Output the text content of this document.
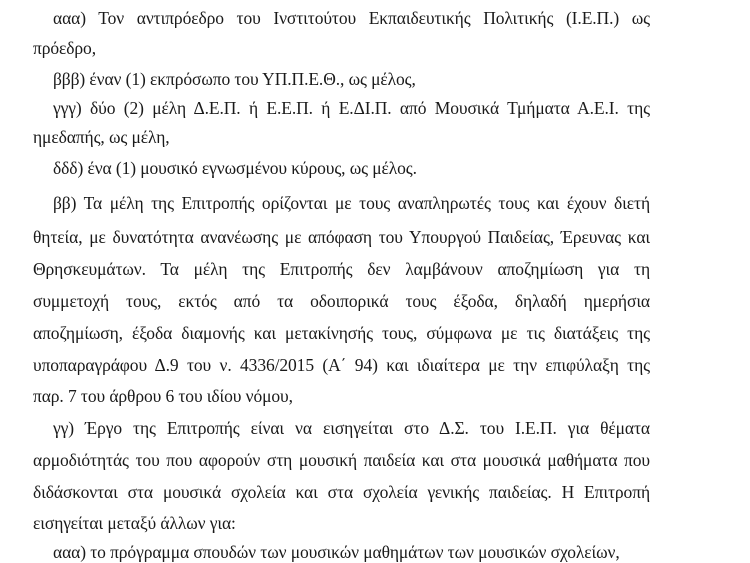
ααα) Τον αντιπρόεδρο του Ινστιτούτου Εκπαιδευτικής Πολιτικής (Ι.Ε.Π.) ως
πρόεδρο,
βββ) έναν (1) εκπρόσωπο του ΥΠ.Π.Ε.Θ., ως μέλος,
γγγ) δύο (2) μέλη Δ.Ε.Π. ή Ε.Ε.Π. ή Ε.ΔΙ.Π. από Μουσικά Τμήματα Α.Ε.Ι. της
ημεδαπής, ως μέλη,
δδδ) ένα (1) μουσικό εγνωσμένου κύρους, ως μέλος.
ββ) Τα μέλη της Επιτροπής ορίζονται με τους αναπληρωτές τους και έχουν διετή
θητεία, με δυνατότητα ανανέωσης με απόφαση του Υπουργού Παιδείας, Έρευνας και
Θρησκευμάτων. Τα μέλη της Επιτροπής δεν λαμβάνουν αποζημίωση για τη
συμμετοχή τους, εκτός από τα οδοιπορικά τους έξοδα, δηλαδή ημερήσια
αποζημίωση, έξοδα διαμονής και μετακίνησής τους, σύμφωνα με τις διατάξεις της
υποπαραγράφου Δ.9 του ν. 4336/2015 (Α΄ 94) και ιδιαίτερα με την επιφύλαξη της
παρ. 7 του άρθρου 6 του ιδίου νόμου,
γγ) Έργο της Επιτροπής είναι να εισηγείται στο Δ.Σ. του Ι.Ε.Π. για θέματα
αρμοδιότητάς του που αφορούν στη μουσική παιδεία και στα μουσικά μαθήματα που
διδάσκονται στα μουσικά σχολεία και στα σχολεία γενικής παιδείας. Η Επιτροπή
εισηγείται μεταξύ άλλων για:
ααα) το πρόγραμμα σπουδών των μουσικών μαθημάτων των μουσικών σχολείων,
